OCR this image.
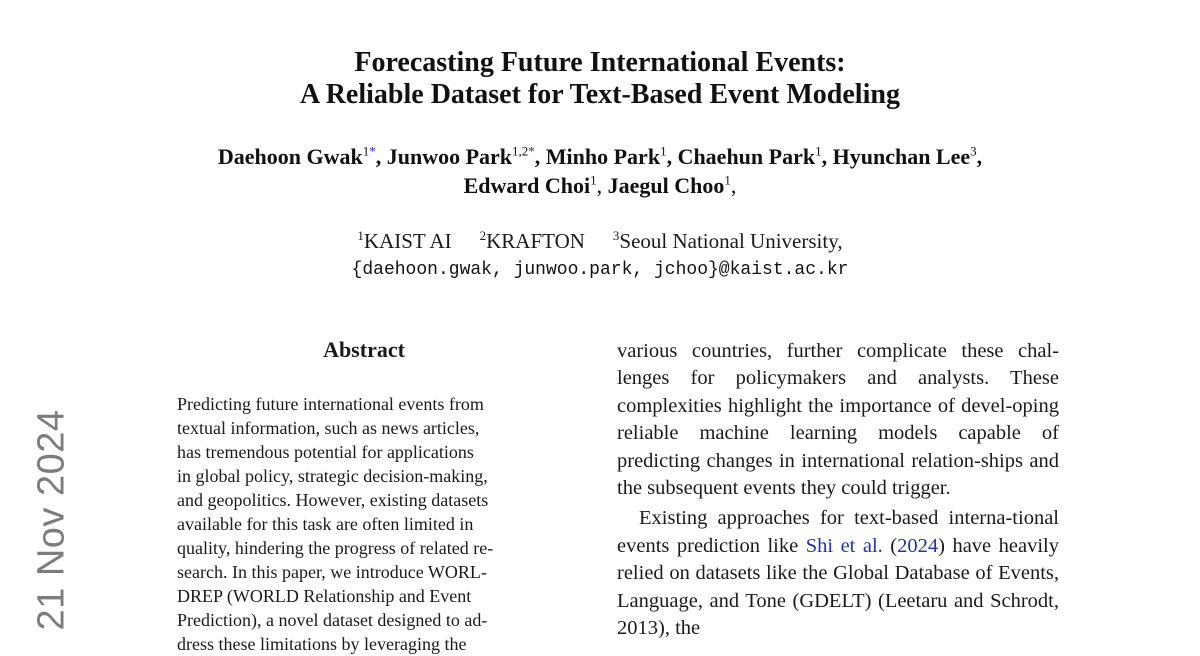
21 Nov 2024
Forecasting Future International Events:
A Reliable Dataset for Text-Based Event Modeling
Daehoon Gwak$^{1*}$, Junwoo Park$^{1,2*}$, Minho Park$^1$, Chaehun Park$^1$, Hyunchan Lee$^3$,
Edward Choi$^1$, Jaegul Choo$^1$,
$^1$KAIST AI $^2$KRAFTON $^3$Seoul National University,
{daehoon.gwak, junwoo.park, jchoo}@kaist.ac.kr
Abstract
Predicting future international events from
textual information, such as news articles,
has tremendous potential for applications
in global policy, strategic decision-making,
and geopolitics. However, existing datasets
available for this task are often limited in
quality, hindering the progress of related re-
search. In this paper, we introduce WORL-
DREP (WORLD Relationship and Event
Prediction), a novel dataset designed to ad-
dress these limitations by leveraging the

various countries, further complicate these chal-lenges for policymakers and analysts. These complexities highlight the importance of devel-oping reliable machine learning models capable of predicting changes in international relation-ships and the subsequent events they could trigger.

Existing approaches for text-based interna-tional events prediction like Shi et al. (2024) have heavily relied on datasets like the Global Database of Events, Language, and Tone (GDELT) (Leetaru and Schrodt, 2013), the
